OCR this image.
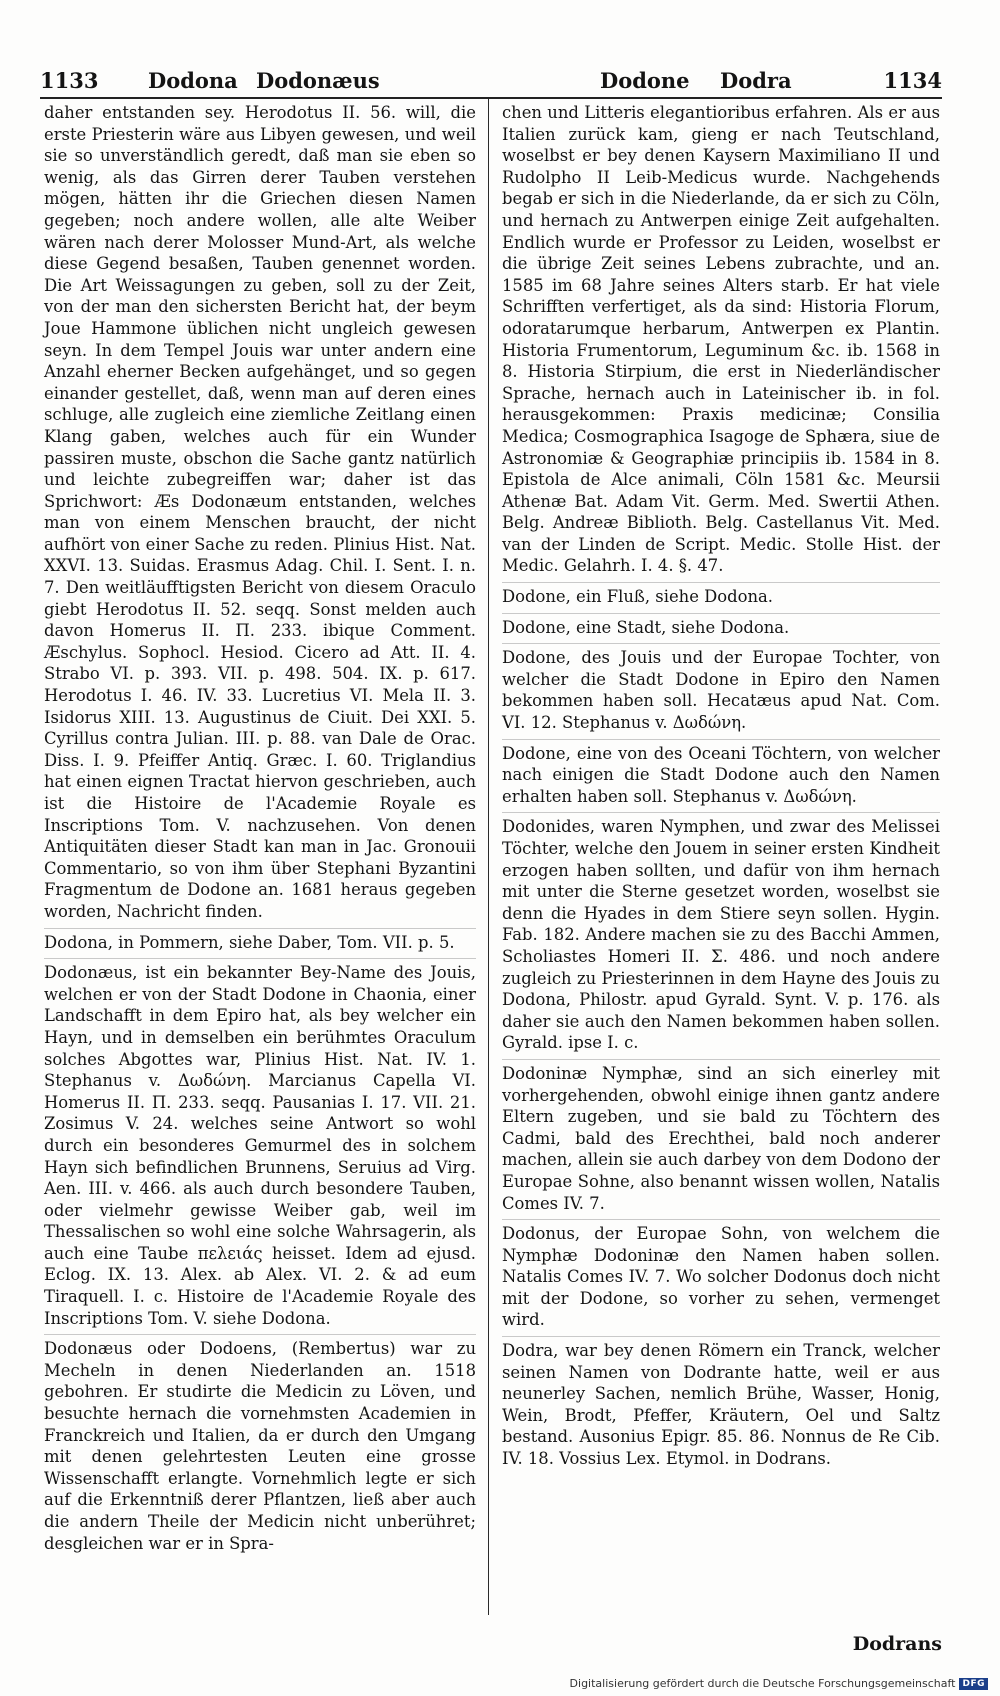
1133 Dodona Dodonæus	Dodone Dodra	1134

daher entstanden sey. Herodotus II. 56. will, die erste Priesterin wäre aus Libyen gewesen, und weil sie so unverständlich geredt, daß man sie eben so wenig, als das Girren derer Tauben verstehen mögen, hätten ihr die Griechen diesen Namen gegeben; noch andere wollen, alle alte Weiber wären nach derer Molosser Mund-Art, als welche diese Gegend besaßen, Tauben genennet worden. Die Art Weissagungen zu geben, soll zu der Zeit, von der man den sichersten Bericht hat, der beym Joue Hammone üblichen nicht ungleich gewesen seyn. In dem Tempel Jouis war unter andern eine Anzahl eherner Becken aufgehänget, und so gegen einander gestellet, daß, wenn man auf deren eines schluge, alle zugleich eine ziemliche Zeitlang einen Klang gaben, welches auch für ein Wunder passiren muste, obschon die Sache gantz natürlich und leichte zubegreiffen war; daher ist das Sprichwort: Æs Dodonæum entstanden, welches man von einem Menschen braucht, der nicht aufhört von einer Sache zu reden. Plinius Hist. Nat. XXVI. 13. Suidas. Erasmus Adag. Chil. I. Sent. I. n. 7. Den weitläufftigsten Bericht von diesem Oraculo giebt Herodotus II. 52. seqq. Sonst melden auch davon Homerus II. Π. 233. ibique Comment. Æschylus. Sophocl. Hesiod. Cicero ad Att. II. 4. Strabo VI. p. 393. VII. p. 498. 504. IX. p. 617. Herodotus I. 46. IV. 33. Lucretius VI. Mela II. 3. Isidorus XIII. 13. Augustinus de Ciuit. Dei XXI. 5. Cyrillus contra Julian. III. p. 88. van Dale de Orac. Diss. I. 9. Pfeiffer Antiq. Græc. I. 60. Triglandius hat einen eignen Tractat hiervon geschrieben, auch ist die Histoire de l'Academie Royale es Inscriptions Tom. V. nachzusehen. Von denen Antiquitäten dieser Stadt kan man in Jac. Gronouii Commentario, so von ihm über Stephani Byzantini Fragmentum de Dodone an. 1681 heraus gegeben worden, Nachricht finden.

Dodona, in Pommern, siehe Daber, Tom. VII. p. 5.

Dodonæus, ist ein bekannter Bey-Name des Jouis, welchen er von der Stadt Dodone in Chaonia, einer Landschafft in dem Epiro hat, als bey welcher ein Hayn, und in demselben ein berühmtes Oraculum solches Abgottes war, Plinius Hist. Nat. IV. 1. Stephanus v. Δωδώνη. Marcianus Capella VI. Homerus II. Π. 233. seqq. Pausanias I. 17. VII. 21. Zosimus V. 24. welches seine Antwort so wohl durch ein besonderes Gemurmel des in solchem Hayn sich befindlichen Brunnens, Seruius ad Virg. Aen. III. v. 466. als auch durch besondere Tauben, oder vielmehr gewisse Weiber gab, weil im Thessalischen so wohl eine solche Wahrsagerin, als auch eine Taube πελειάς heisset. Idem ad ejusd. Eclog. IX. 13. Alex. ab Alex. VI. 2. & ad eum Tiraquell. I. c. Histoire de l'Academie Royale des Inscriptions Tom. V. siehe Dodona.

Dodonæus oder Dodoens, (Rembertus) war zu Mecheln in denen Niederlanden an. 1518 gebohren. Er studirte die Medicin zu Löven, und besuchte hernach die vornehmsten Academien in Franckreich und Italien, da er durch den Umgang mit denen gelehrtesten Leuten eine grosse Wissenschafft erlangte. Vornehmlich legte er sich auf die Erkenntniß derer Pflantzen, ließ aber auch die andern Theile der Medicin nicht unberühret; desgleichen war er in Spra-

chen und Litteris elegantioribus erfahren. Als er aus Italien zurück kam, gieng er nach Teutschland, woselbst er bey denen Kaysern Maximiliano II und Rudolpho II Leib-Medicus wurde. Nachgehends begab er sich in die Niederlande, da er sich zu Cöln, und hernach zu Antwerpen einige Zeit aufgehalten. Endlich wurde er Professor zu Leiden, woselbst er die übrige Zeit seines Lebens zubrachte, und an. 1585 im 68 Jahre seines Alters starb. Er hat viele Schrifften verfertiget, als da sind: Historia Florum, odoratarumque herbarum, Antwerpen ex Plantin. Historia Frumentorum, Leguminum &c. ib. 1568 in 8. Historia Stirpium, die erst in Niederländischer Sprache, hernach auch in Lateinischer ib. in fol. herausgekommen: Praxis medicinæ; Consilia Medica; Cosmographica Isagoge de Sphæra, siue de Astronomiæ & Geographiæ principiis ib. 1584 in 8. Epistola de Alce animali, Cöln 1581 &c. Meursii Athenæ Bat. Adam Vit. Germ. Med. Swertii Athen. Belg. Andreæ Biblioth. Belg. Castellanus Vit. Med. van der Linden de Script. Medic. Stolle Hist. der Medic. Gelahrh. I. 4. §. 47.

Dodone, ein Fluß, siehe Dodona.

Dodone, eine Stadt, siehe Dodona.

Dodone, des Jouis und der Europae Tochter, von welcher die Stadt Dodone in Epiro den Namen bekommen haben soll. Hecatæus apud Nat. Com. VI. 12. Stephanus v. Δωδώνη.

Dodone, eine von des Oceani Töchtern, von welcher nach einigen die Stadt Dodone auch den Namen erhalten haben soll. Stephanus v. Δωδώνη.

Dodonides, waren Nymphen, und zwar des Melissei Töchter, welche den Jouem in seiner ersten Kindheit erzogen haben sollten, und dafür von ihm hernach mit unter die Sterne gesetzet worden, woselbst sie denn die Hyades in dem Stiere seyn sollen. Hygin. Fab. 182. Andere machen sie zu des Bacchi Ammen, Scholiastes Homeri II. Σ. 486. und noch andere zugleich zu Priesterinnen in dem Hayne des Jouis zu Dodona, Philostr. apud Gyrald. Synt. V. p. 176. als daher sie auch den Namen bekommen haben sollen. Gyrald. ipse I. c.

Dodoninæ Nymphæ, sind an sich einerley mit vorhergehenden, obwohl einige ihnen gantz andere Eltern zugeben, und sie bald zu Töchtern des Cadmi, bald des Erechthei, bald noch anderer machen, allein sie auch darbey von dem Dodono der Europae Sohne, also benannt wissen wollen, Natalis Comes IV. 7.

Dodonus, der Europae Sohn, von welchem die Nymphæ Dodoninæ den Namen haben sollen. Natalis Comes IV. 7. Wo solcher Dodonus doch nicht mit der Dodone, so vorher zu sehen, vermenget wird.

Dodra, war bey denen Römern ein Tranck, welcher seinen Namen von Dodrante hatte, weil er aus neunerley Sachen, nemlich Brühe, Wasser, Honig, Wein, Brodt, Pfeffer, Kräutern, Oel und Saltz bestand. Ausonius Epigr. 85. 86. Nonnus de Re Cib. IV. 18. Vossius Lex. Etymol. in Dodrans.

Dodrans
Digitalisierung gefördert durch die Deutsche Forschungsgemeinschaft DFG
